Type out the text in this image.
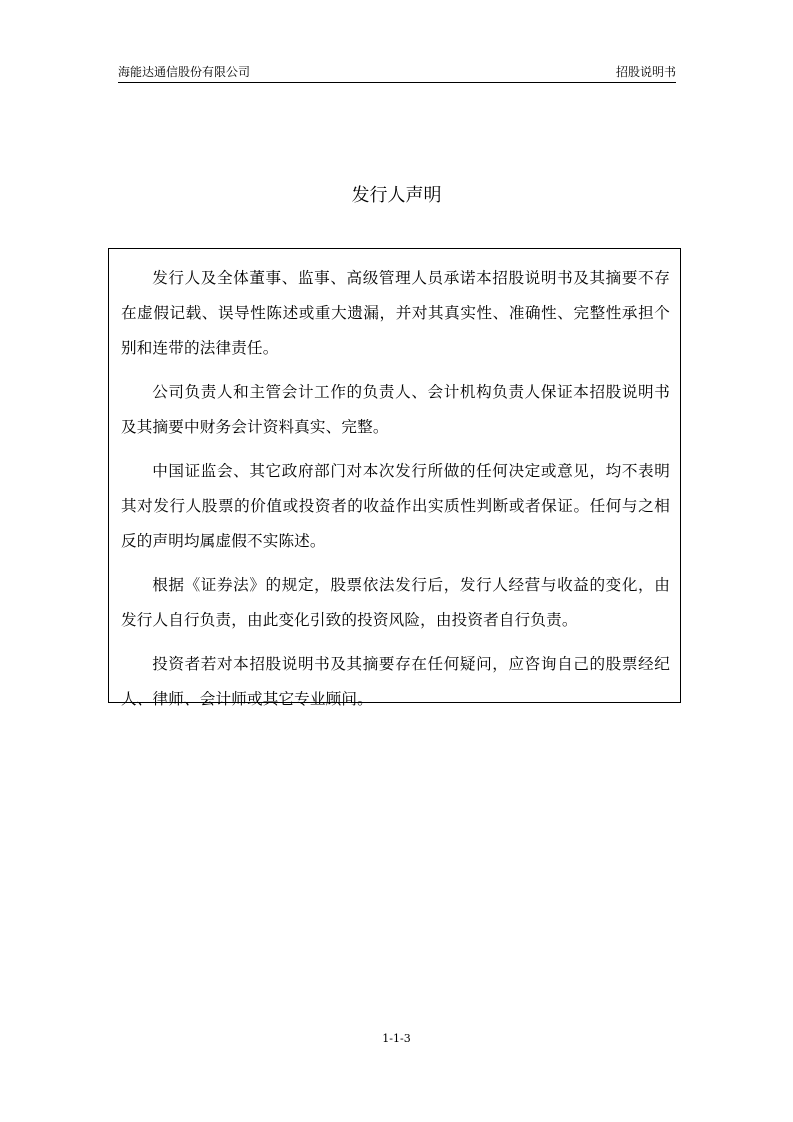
海能达通信股份有限公司	招股说明书
发行人声明

发行人及全体董事、监事、高级管理人员承诺本招股说明书及其摘要不存在虚假记载、误导性陈述或重大遗漏，并对其真实性、准确性、完整性承担个别和连带的法律责任。

公司负责人和主管会计工作的负责人、会计机构负责人保证本招股说明书及其摘要中财务会计资料真实、完整。

中国证监会、其它政府部门对本次发行所做的任何决定或意见，均不表明其对发行人股票的价值或投资者的收益作出实质性判断或者保证。任何与之相反的声明均属虚假不实陈述。

根据《证券法》的规定，股票依法发行后，发行人经营与收益的变化，由发行人自行负责，由此变化引致的投资风险，由投资者自行负责。

投资者若对本招股说明书及其摘要存在任何疑问，应咨询自己的股票经纪人、律师、会计师或其它专业顾问。

1-1-3
